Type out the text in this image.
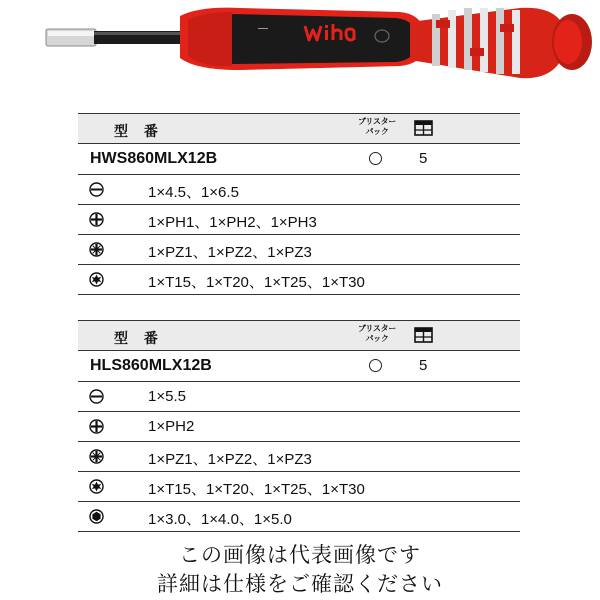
型 番
ブリスター
パック
HWS860MLX12B	5
1×4.5、1×6.5
1×PH1、1×PH2、1×PH3
1×PZ1、1×PZ2、1×PZ3
1×T15、1×T20、1×T25、1×T30
型 番
ブリスター
パック
HLS860MLX12B	5
1×5.5
1×PH2
1×PZ1、1×PZ2、1×PZ3
1×T15、1×T20、1×T25、1×T30
1×3.0、1×4.0、1×5.0
この画像は代表画像です
詳細は仕様をご確認ください
